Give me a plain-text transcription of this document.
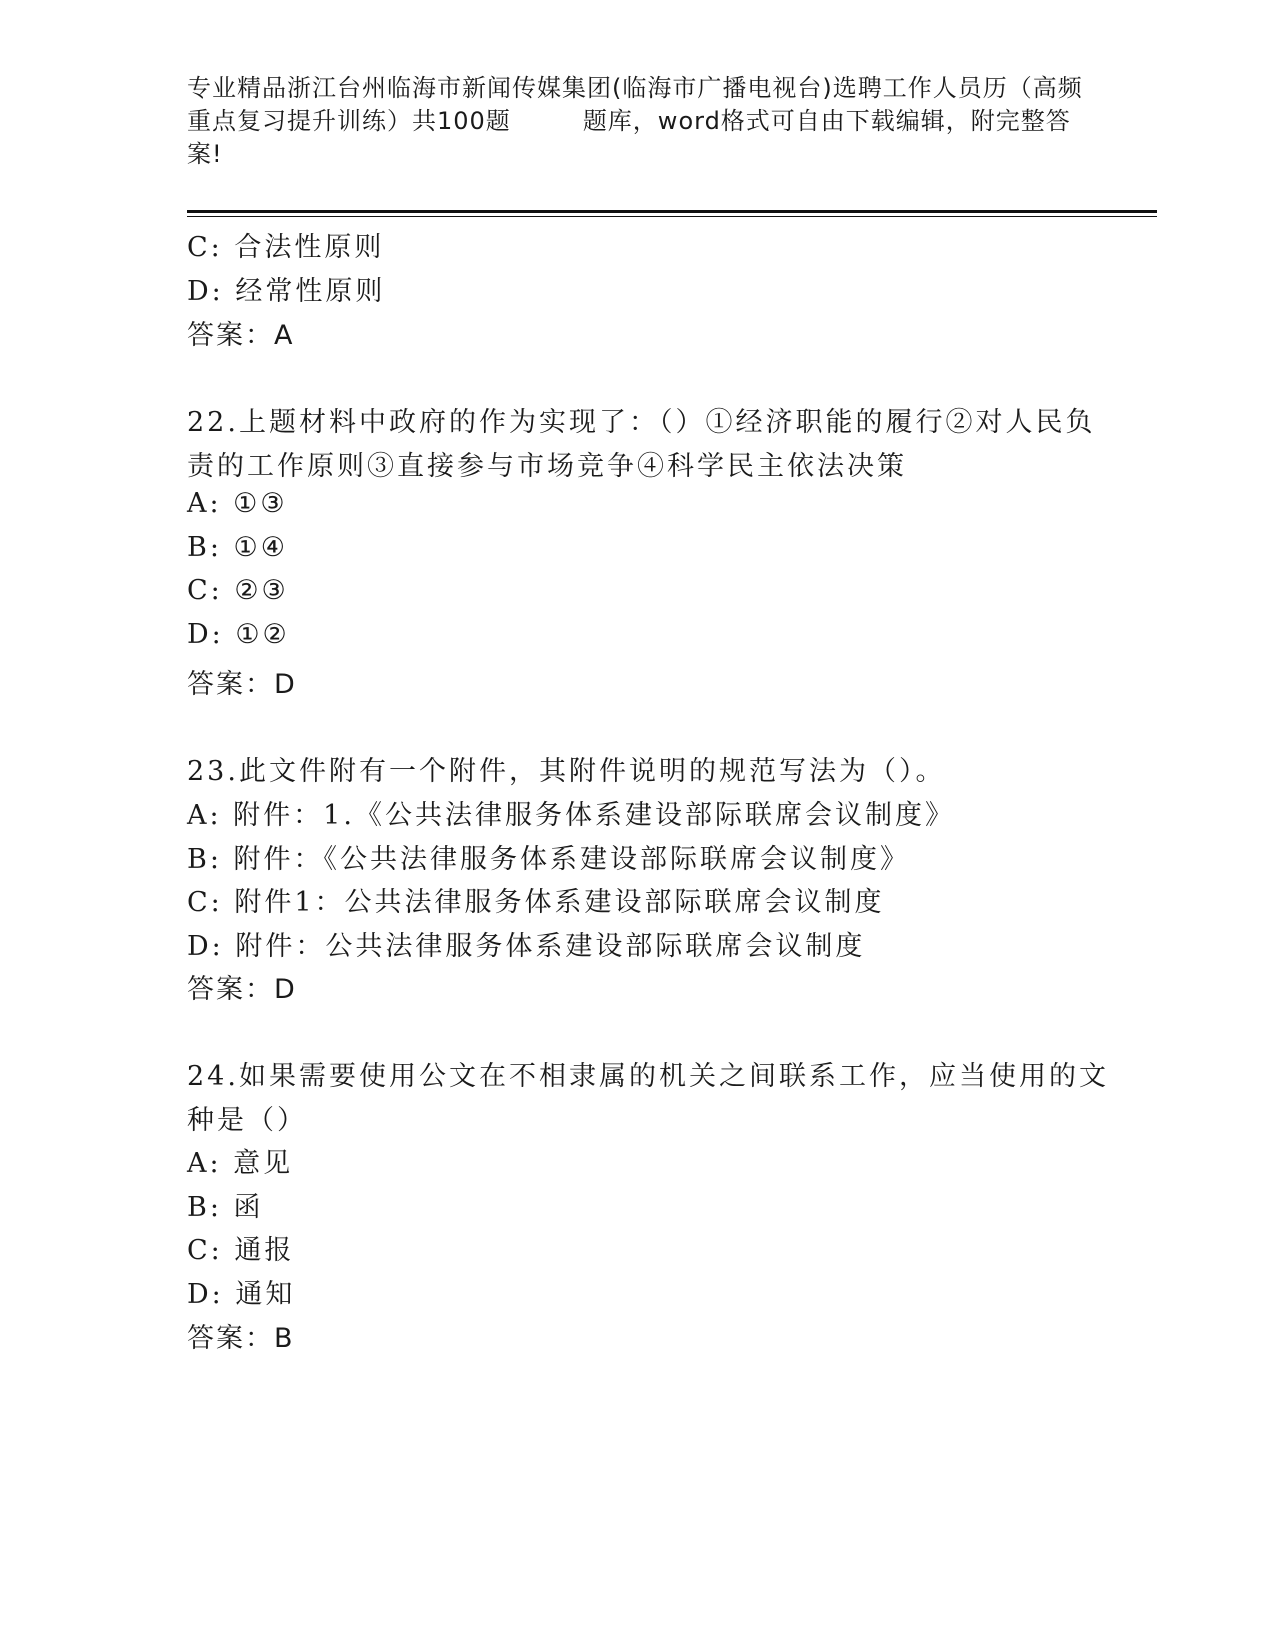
专业精品浙江台州临海市新闻传媒集团(临海市广播电视台)选聘工作人员历（高频
重点复习提升训练）共100题	题库，word格式可自由下载编辑，附完整答
案!
C: 合法性原则
D: 经常性原则
答案：A
22.上题材料中政府的作为实现了：（）①经济职能的履行②对人民负
责的工作原则③直接参与市场竞争④科学民主依法决策
A: ①③
B: ①④
C: ②③
D: ①②
答案：D
23.此文件附有一个附件，其附件说明的规范写法为（）。
A: 附件：1.《公共法律服务体系建设部际联席会议制度》
B: 附件：《公共法律服务体系建设部际联席会议制度》
C: 附件1：公共法律服务体系建设部际联席会议制度
D: 附件：公共法律服务体系建设部际联席会议制度
答案：D
24.如果需要使用公文在不相隶属的机关之间联系工作，应当使用的文
种是（）
A: 意见
B: 函
C: 通报
D: 通知
答案：B
